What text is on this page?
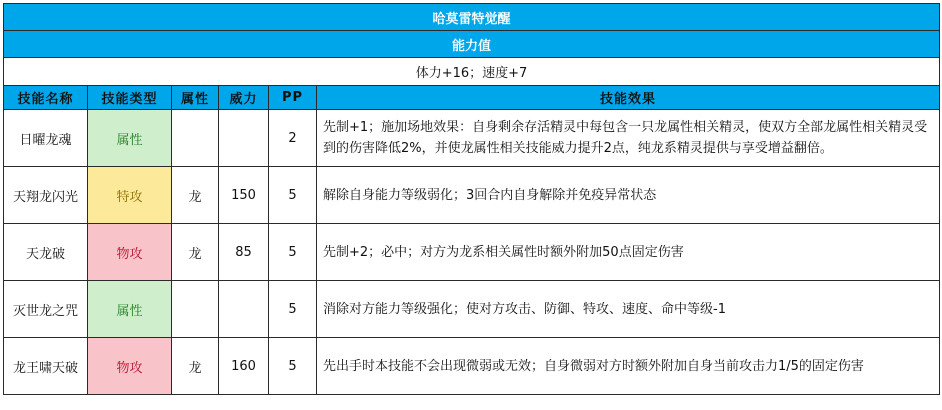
哈莫雷特觉醒					
能力值					
体力+16；速度+7					
技能名称	技能类型	属性	威力	PP	技能效果
日曜龙魂	属性			2	先制+1；施加场地效果：自身剩余存活精灵中每包含一只龙属性相关精灵，使双方全部龙属性相关精灵受到的伤害降低2%，并使龙属性相关技能威力提升2点，纯龙系精灵提供与享受增益翻倍。
天翔龙闪光	特攻	龙	150	5	解除自身能力等级弱化；3回合内自身解除并免疫异常状态
天龙破	物攻	龙	85	5	先制+2；必中；对方为龙系相关属性时额外附加50点固定伤害
灭世龙之咒	属性			5	消除对方能力等级强化；使对方攻击、防御、特攻、速度、命中等级-1
龙王啸天破	物攻	龙	160	5	先出手时本技能不会出现微弱或无效；自身微弱对方时额外附加自身当前攻击力1/5的固定伤害
